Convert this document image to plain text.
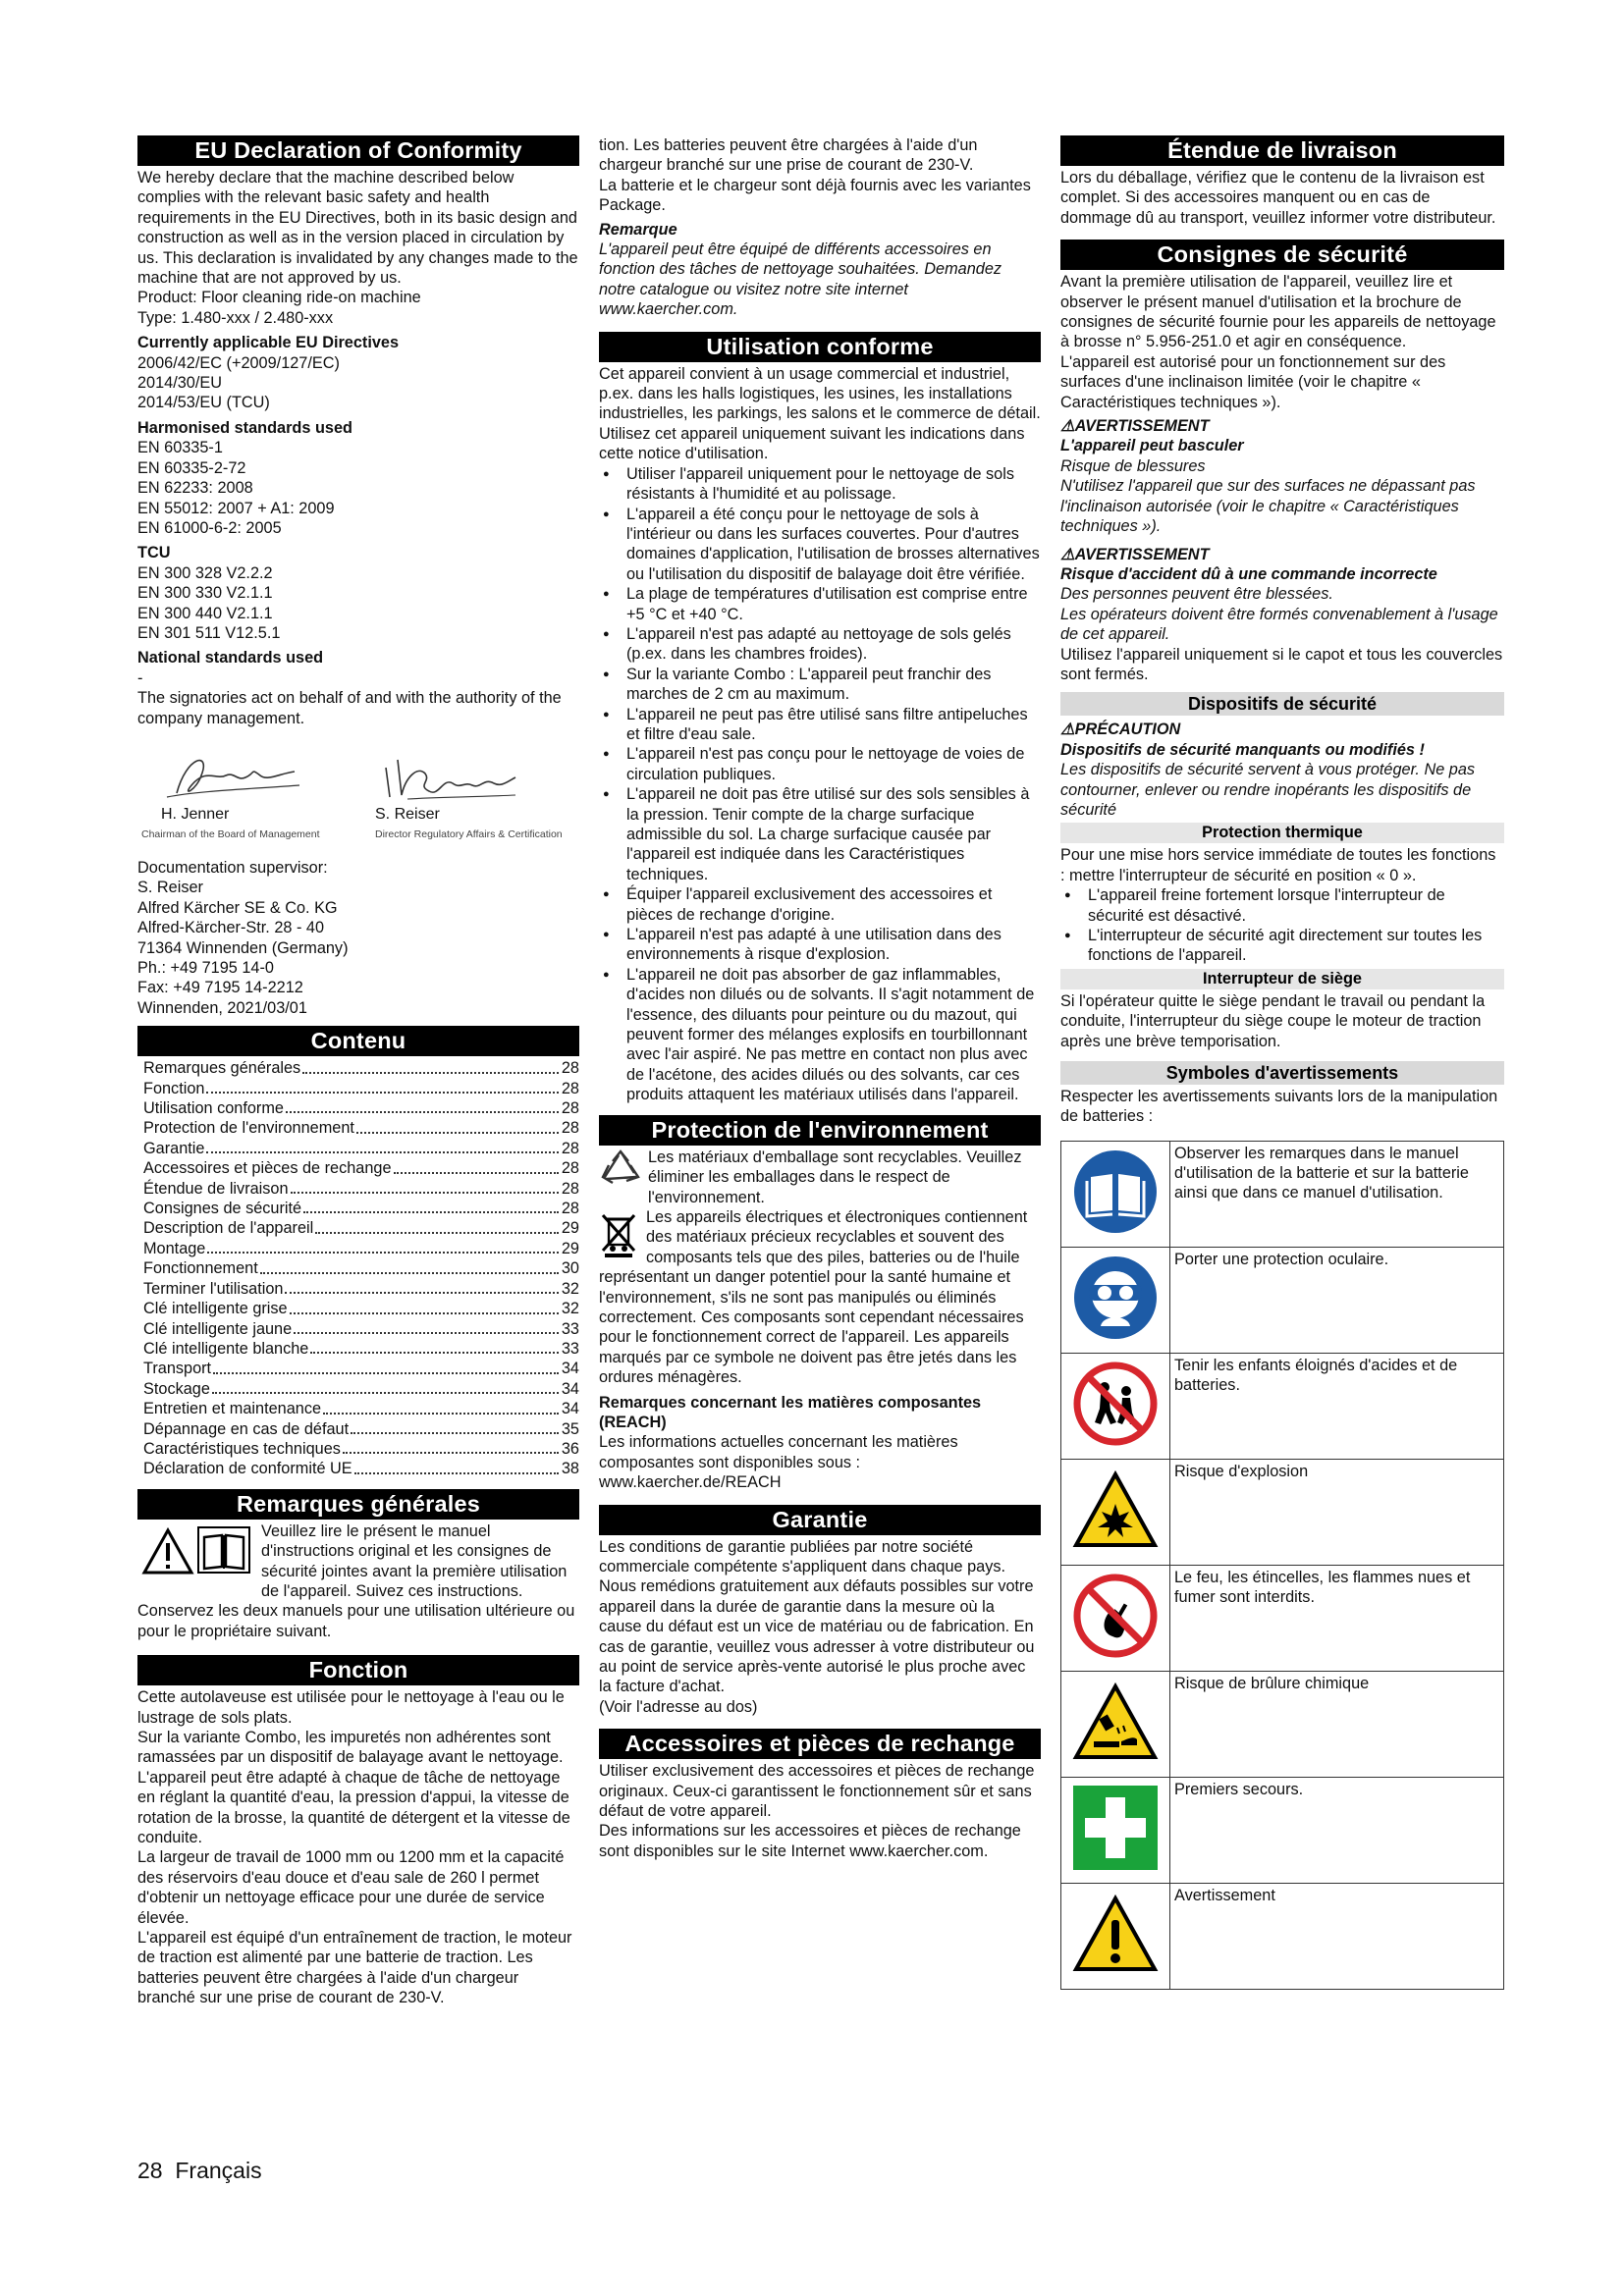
EU Declaration of Conformity

We hereby declare that the machine described below complies with the relevant basic safety and health requirements in the EU Directives, both in its basic design and construction as well as in the version placed in circulation by us. This declaration is invalidated by any changes made to the machine that are not approved by us.

Product: Floor cleaning ride-on machine

Type: 1.480-xxx / 2.480-xxx

Currently applicable EU Directives

2006/42/EC (+2009/127/EC)

2014/30/EU

2014/53/EU (TCU)

Harmonised standards used

EN 60335-1

EN 60335-2-72

EN 62233: 2008

EN 55012: 2007 + A1: 2009

EN 61000-6-2: 2005

TCU

EN 300 328 V2.2.2

EN 300 330 V2.1.1

EN 300 440 V2.1.1

EN 301 511 V12.5.1

National standards used

-

The signatories act on behalf of and with the authority of the company management.

H. Jenner
Chairman of the Board of Management
S. Reiser
Director Regulatory Affairs & Certification

Documentation supervisor:

S. Reiser

Alfred Kärcher SE & Co. KG

Alfred-Kärcher-Str. 28 - 40

71364 Winnenden (Germany)

Ph.: +49 7195 14-0

Fax: +49 7195 14-2212

Winnenden, 2021/03/01

Contenu
Remarques générales	28
Fonction	28
Utilisation conforme	28
Protection de l'environnement	28
Garantie	28
Accessoires et pièces de rechange	28
Étendue de livraison	28
Consignes de sécurité	28
Description de l'appareil	29
Montage	29
Fonctionnement	30
Terminer l'utilisation	32
Clé intelligente grise	32
Clé intelligente jaune	33
Clé intelligente blanche	33
Transport	34
Stockage	34
Entretien et maintenance	34
Dépannage en cas de défaut	35
Caractéristiques techniques	36
Déclaration de conformité UE	38
Remarques générales

Veuillez lire le présent le manuel d'instructions original et les consignes de sécurité jointes avant la première utilisation de l'appareil. Suivez ces instructions. Conservez les deux manuels pour une utilisation ultérieure ou pour le propriétaire suivant.

Fonction

Cette autolaveuse est utilisée pour le nettoyage à l'eau ou le lustrage de sols plats.

Sur la variante Combo, les impuretés non adhérentes sont ramassées par un dispositif de balayage avant le nettoyage.

L'appareil peut être adapté à chaque de tâche de nettoyage en réglant la quantité d'eau, la pression d'appui, la vitesse de rotation de la brosse, la quantité de détergent et la vitesse de conduite.

La largeur de travail de 1000 mm ou 1200 mm et la capacité des réservoirs d'eau douce et d'eau sale de 260 l permet d'obtenir un nettoyage efficace pour une durée de service élevée.

L'appareil est équipé d'un entraînement de traction, le moteur de traction est alimenté par une batterie de traction. Les batteries peuvent être chargées à l'aide d'un chargeur branché sur une prise de courant de 230-V.

tion. Les batteries peuvent être chargées à l'aide d'un chargeur branché sur une prise de courant de 230-V.

La batterie et le chargeur sont déjà fournis avec les variantes Package.

Remarque

L'appareil peut être équipé de différents accessoires en fonction des tâches de nettoyage souhaitées. Demandez notre catalogue ou visitez notre site internet www.kaercher.com.

Utilisation conforme

Cet appareil convient à un usage commercial et industriel, p.ex. dans les halls logistiques, les usines, les installations industrielles, les parkings, les salons et le commerce de détail. Utilisez cet appareil uniquement suivant les indications dans cette notice d'utilisation.

● Utiliser l'appareil uniquement pour le nettoyage de sols résistants à l'humidité et au polissage.
● L'appareil a été conçu pour le nettoyage de sols à l'intérieur ou dans les surfaces couvertes. Pour d'autres domaines d'application, l'utilisation de brosses alternatives ou l'utilisation du dispositif de balayage doit être vérifiée.
● La plage de températures d'utilisation est comprise entre +5 °C et +40 °C.
● L'appareil n'est pas adapté au nettoyage de sols gelés (p.ex. dans les chambres froides).
● Sur la variante Combo : L'appareil peut franchir des marches de 2 cm au maximum.
● L'appareil ne peut pas être utilisé sans filtre antipeluches et filtre d'eau sale.
● L'appareil n'est pas conçu pour le nettoyage de voies de circulation publiques.
● L'appareil ne doit pas être utilisé sur des sols sensibles à la pression. Tenir compte de la charge surfacique admissible du sol. La charge surfacique causée par l'appareil est indiquée dans les Caractéristiques techniques.
● Équiper l'appareil exclusivement des accessoires et pièces de rechange d'origine.
● L'appareil n'est pas adapté à une utilisation dans des environnements à risque d'explosion.
● L'appareil ne doit pas absorber de gaz inflammables, d'acides non dilués ou de solvants. Il s'agit notamment de l'essence, des diluants pour peinture ou du mazout, qui peuvent former des mélanges explosifs en tourbillonnant avec l'air aspiré. Ne pas mettre en contact non plus avec de l'acétone, des acides dilués ou des solvants, car ces produits attaquent les matériaux utilisés dans l'appareil.
Protection de l'environnement

Les matériaux d'emballage sont recyclables. Veuillez éliminer les emballages dans le respect de l'environnement.

Les appareils électriques et électroniques contiennent des matériaux précieux recyclables et souvent des composants tels que des piles, batteries ou de l'huile représentant un danger potentiel pour la santé humaine et l'environnement, s'ils ne sont pas manipulés ou éliminés correctement. Ces composants sont cependant nécessaires pour le fonctionnement correct de l'appareil. Les appareils marqués par ce symbole ne doivent pas être jetés dans les ordures ménagères.

Remarques concernant les matières composantes (REACH)

Les informations actuelles concernant les matières composantes sont disponibles sous : www.kaercher.de/REACH

Garantie

Les conditions de garantie publiées par notre société commerciale compétente s'appliquent dans chaque pays. Nous remédions gratuitement aux défauts possibles sur votre appareil dans la durée de garantie dans la mesure où la cause du défaut est un vice de matériau ou de fabrication. En cas de garantie, veuillez vous adresser à votre distributeur ou au point de service après-vente autorisé le plus proche avec la facture d'achat.

(Voir l'adresse au dos)

Accessoires et pièces de rechange

Utiliser exclusivement des accessoires et pièces de rechange originaux. Ceux-ci garantissent le fonctionnement sûr et sans défaut de votre appareil.

Des informations sur les accessoires et pièces de rechange sont disponibles sur le site Internet www.kaercher.com.

Étendue de livraison

Lors du déballage, vérifiez que le contenu de la livraison est complet. Si des accessoires manquent ou en cas de dommage dû au transport, veuillez informer votre distributeur.

Consignes de sécurité

Avant la première utilisation de l'appareil, veuillez lire et observer le présent manuel d'utilisation et la brochure de consignes de sécurité fournie pour les appareils de nettoyage à brosse n° 5.956-251.0 et agir en conséquence.

L'appareil est autorisé pour un fonctionnement sur des surfaces d'une inclinaison limitée (voir le chapitre « Caractéristiques techniques »).

⚠AVERTISSEMENT

L'appareil peut basculer

Risque de blessures

N'utilisez l'appareil que sur des surfaces ne dépassant pas l'inclinaison autorisée (voir le chapitre « Caractéristiques techniques »).

⚠AVERTISSEMENT

Risque d'accident dû à une commande incorrecte

Des personnes peuvent être blessées.

Les opérateurs doivent être formés convenablement à l'usage de cet appareil.

Utilisez l'appareil uniquement si le capot et tous les couvercles sont fermés.

Dispositifs de sécurité

⚠PRÉCAUTION

Dispositifs de sécurité manquants ou modifiés !

Les dispositifs de sécurité servent à vous protéger. Ne pas contourner, enlever ou rendre inopérants les dispositifs de sécurité

Protection thermique

Pour une mise hors service immédiate de toutes les fonctions : mettre l'interrupteur de sécurité en position « 0 ».

● L'appareil freine fortement lorsque l'interrupteur de sécurité est désactivé.
● L'interrupteur de sécurité agit directement sur toutes les fonctions de l'appareil.
Interrupteur de siège

Si l'opérateur quitte le siège pendant le travail ou pendant la conduite, l'interrupteur du siège coupe le moteur de traction après une brève temporisation.

Symboles d'avertissements

Respecter les avertissements suivants lors de la manipulation de batteries :

	Observer les remarques dans le manuel d'utilisation de la batterie et sur la batterie ainsi que dans ce manuel d'utilisation.
	Porter une protection oculaire.
	Tenir les enfants éloignés d'acides et de batteries.
	Risque d'explosion
	Le feu, les étincelles, les flammes nues et fumer sont interdits.
	Risque de brûlure chimique
	Premiers secours.
	Avertissement
28 Français
